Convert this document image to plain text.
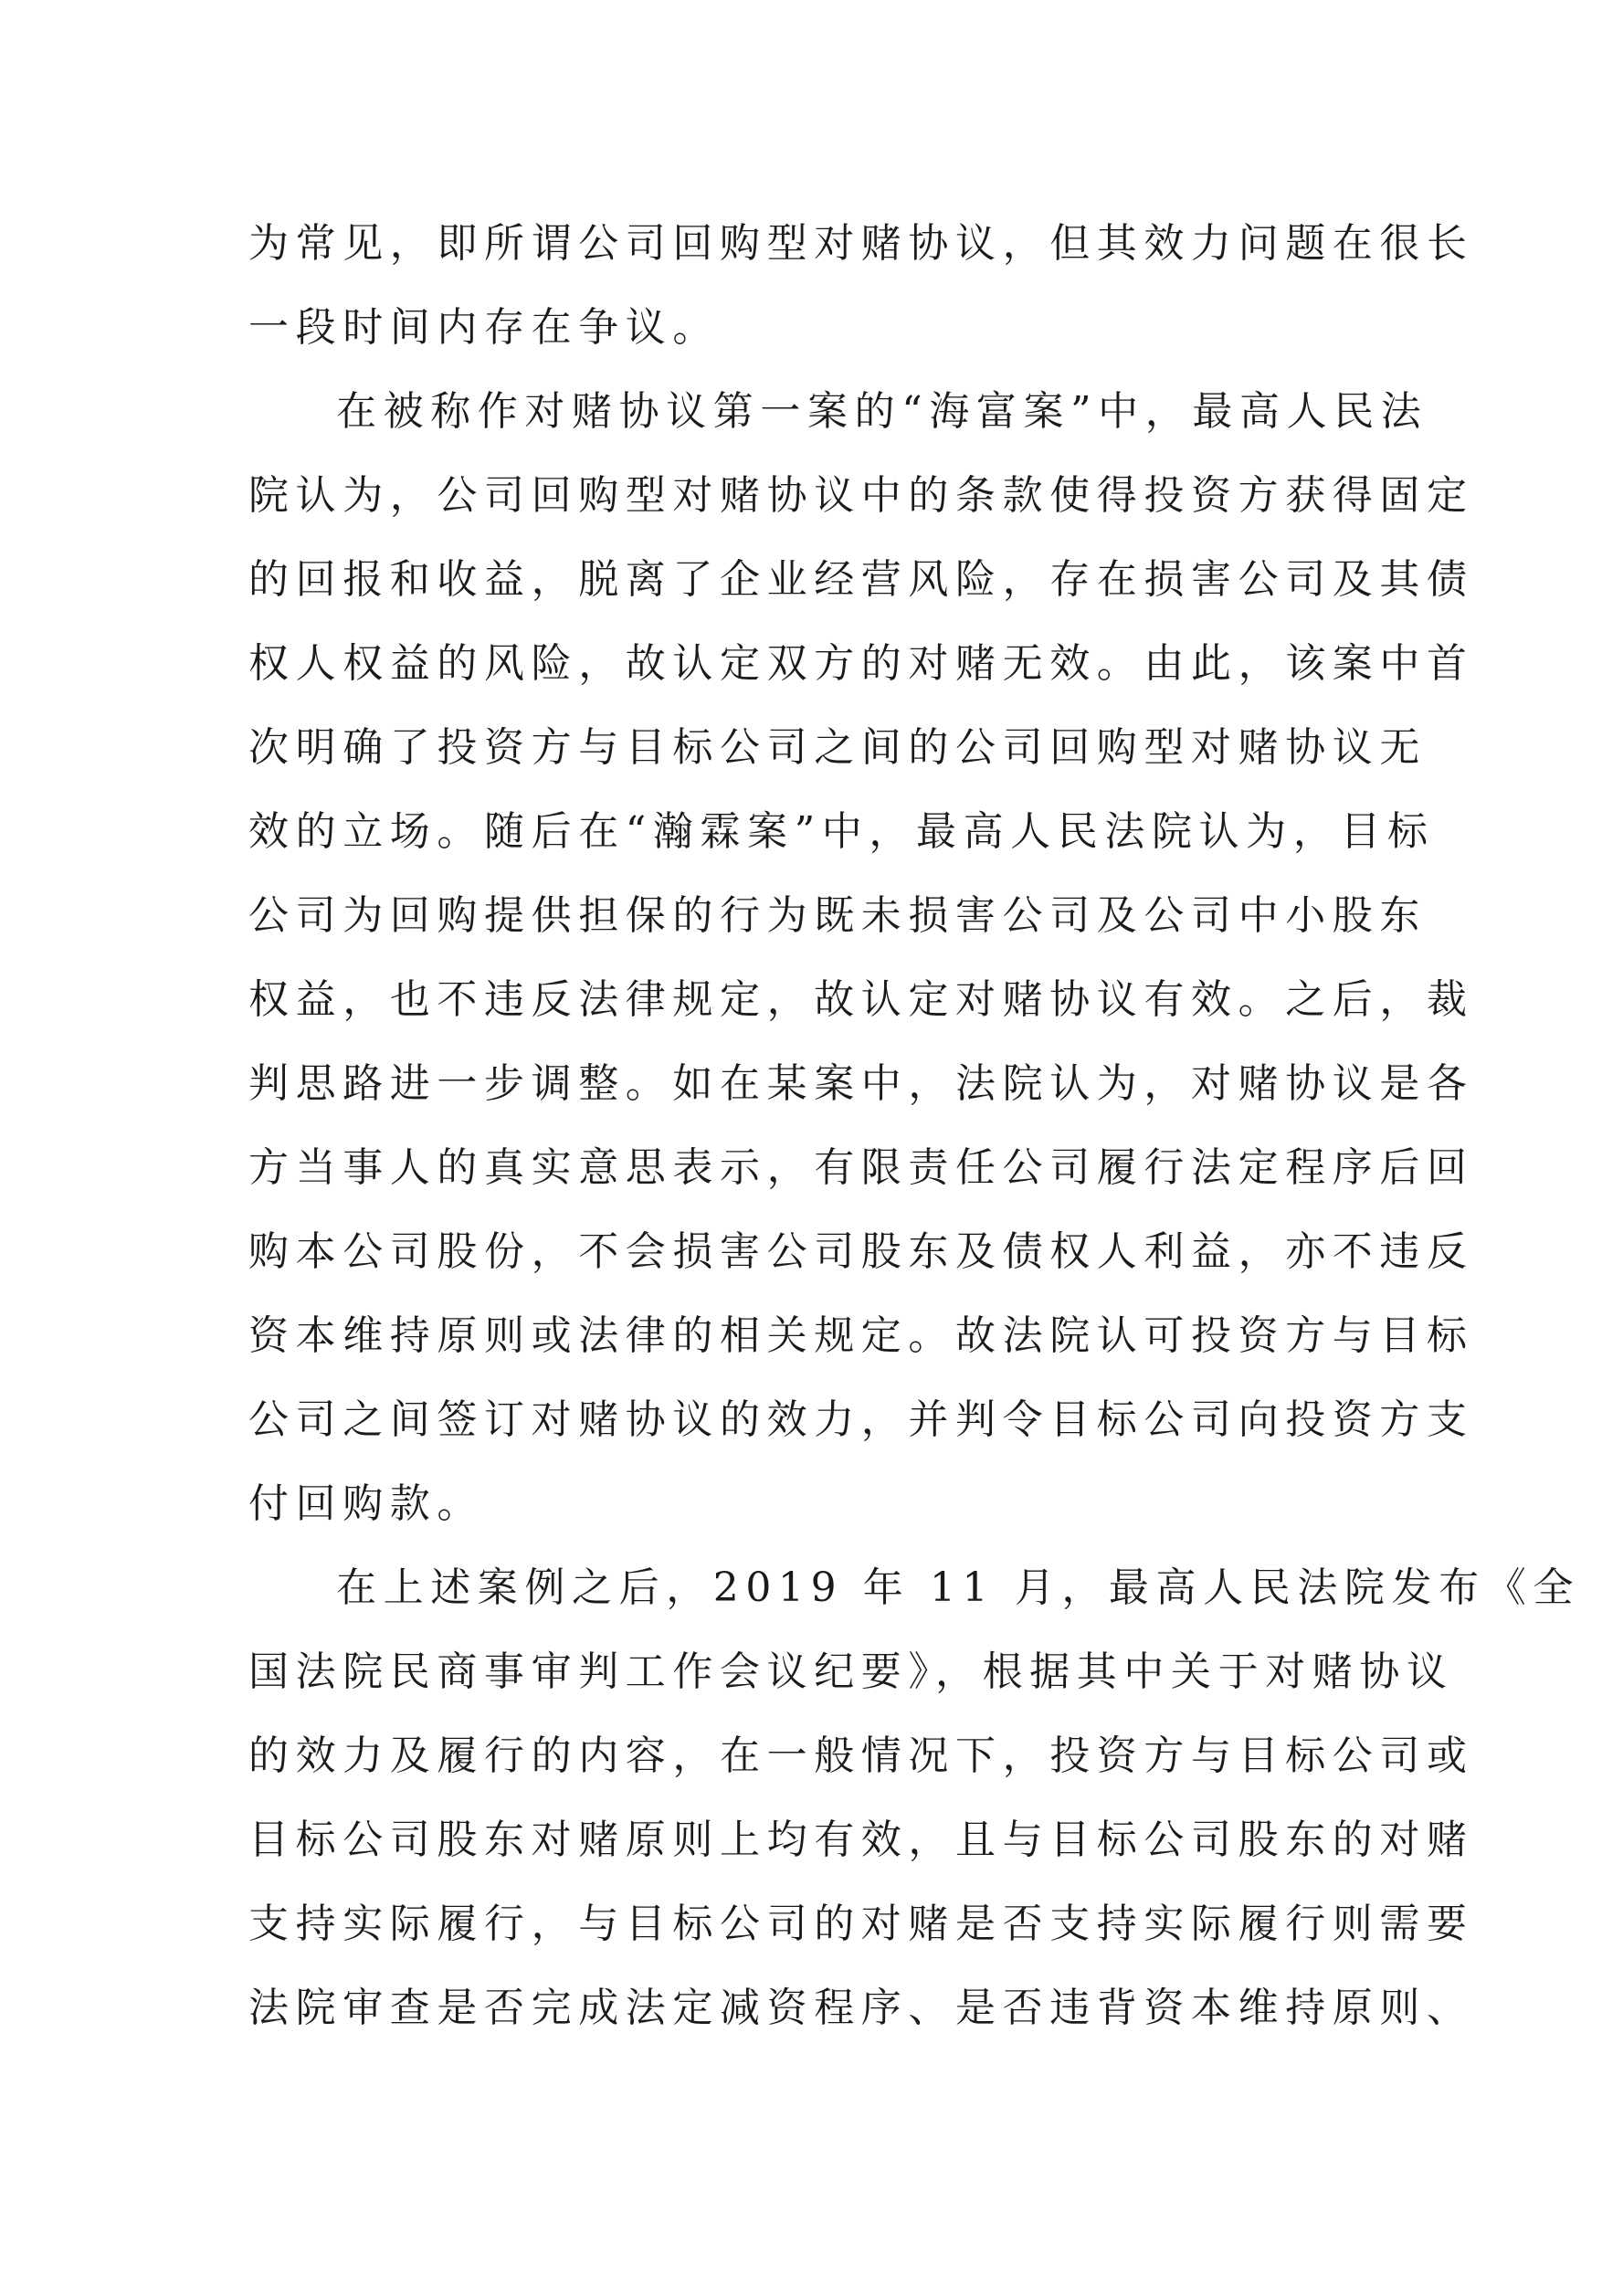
为常见，即所谓公司回购型对赌协议，但其效力问题在很长
一段时间内存在争议。
在被称作对赌协议第一案的“海富案”中，最高人民法
院认为，公司回购型对赌协议中的条款使得投资方获得固定
的回报和收益，脱离了企业经营风险，存在损害公司及其债
权人权益的风险，故认定双方的对赌无效。由此，该案中首
次明确了投资方与目标公司之间的公司回购型对赌协议无
效的立场。随后在“瀚霖案”中，最高人民法院认为，目标
公司为回购提供担保的行为既未损害公司及公司中小股东
权益，也不违反法律规定，故认定对赌协议有效。之后，裁
判思路进一步调整。如在某案中，法院认为，对赌协议是各
方当事人的真实意思表示，有限责任公司履行法定程序后回
购本公司股份，不会损害公司股东及债权人利益，亦不违反
资本维持原则或法律的相关规定。故法院认可投资方与目标
公司之间签订对赌协议的效力，并判令目标公司向投资方支
付回购款。
在上述案例之后，2019 年 11 月，最高人民法院发布《全
国法院民商事审判工作会议纪要》，根据其中关于对赌协议
的效力及履行的内容，在一般情况下，投资方与目标公司或
目标公司股东对赌原则上均有效，且与目标公司股东的对赌
支持实际履行，与目标公司的对赌是否支持实际履行则需要
法院审查是否完成法定减资程序、是否违背资本维持原则、
